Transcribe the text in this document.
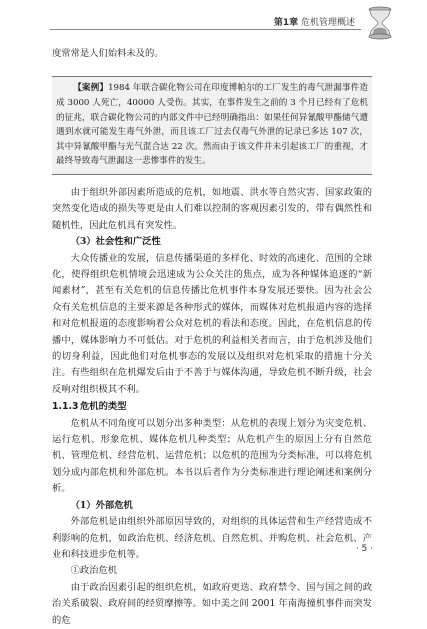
第1章 危机管理概述

度常常是人们始料未及的。

【案例】1984 年联合碳化物公司在印度博帕尔的工厂发生的毒气泄漏事件造成 3000 人死亡，40000 人受伤。其实，在事件发生之前的 3 个月已经有了危机的征兆，联合碳化物公司的内部文件中已经明确指出：如果任何异氰酸甲酯储气遭遇到水就可能发生毒气外泄，而且该工厂过去仅毒气外泄的记录已多达 107 次，其中异氰酸甲酯与光气混合达 22 次。然而由于该文件并未引起该工厂的重视，才最终导致毒气泄漏这一悲惨事件的发生。

由于组织外部因素所造成的危机，如地震、洪水等自然灾害、国家政策的突然变化造成的损失等更是由人们难以控制的客观因素引发的，带有偶然性和随机性，因此危机具有突发性。

（3）社会性和广泛性

大众传播业的发展，信息传播渠道的多样化、时效的高速化、范围的全球化，使得组织危机情境会迅速成为公众关注的焦点，成为各种媒体追逐的“新闻素材”，甚至有关危机的信息传播比危机事件本身发展还要快。因为社会公众有关危机信息的主要来源是各种形式的媒体，而媒体对危机报道内容的选择和对危机报道的态度影响着公众对危机的看法和态度。因此，在危机信息的传播中，媒体影响力不可低估。对于危机的利益相关者而言，由于危机涉及他们的切身利益，因此他们对危机事态的发展以及组织对危机采取的措施十分关注。有些组织在危机爆发后由于不善于与媒体沟通，导致危机不断升级，社会反响对组织极其不利。

1.1.3 危机的类型

危机从不同角度可以划分出多种类型：从危机的表现上划分为灾变危机、运行危机、形象危机、媒体危机几种类型；从危机产生的原因上分有自然危机、管理危机、经营危机、运营危机；以危机的范围为分类标准，可以将危机划分成内部危机和外部危机。本书以后者作为分类标准进行理论阐述和案例分析。

（1）外部危机

外部危机是由组织外部原因导致的，对组织的具体运营和生产经营造成不利影响的危机，如政治危机、经济危机、自然危机、并购危机、社会危机、产业和科技进步危机等。

①政治危机

由于政治因素引起的组织危机，如政府更迭、政府禁令、国与国之间的政治关系破裂、政府间的经贸摩擦等。如中美之间 2001 年南海撞机事件而突发的危

· 5 ·
